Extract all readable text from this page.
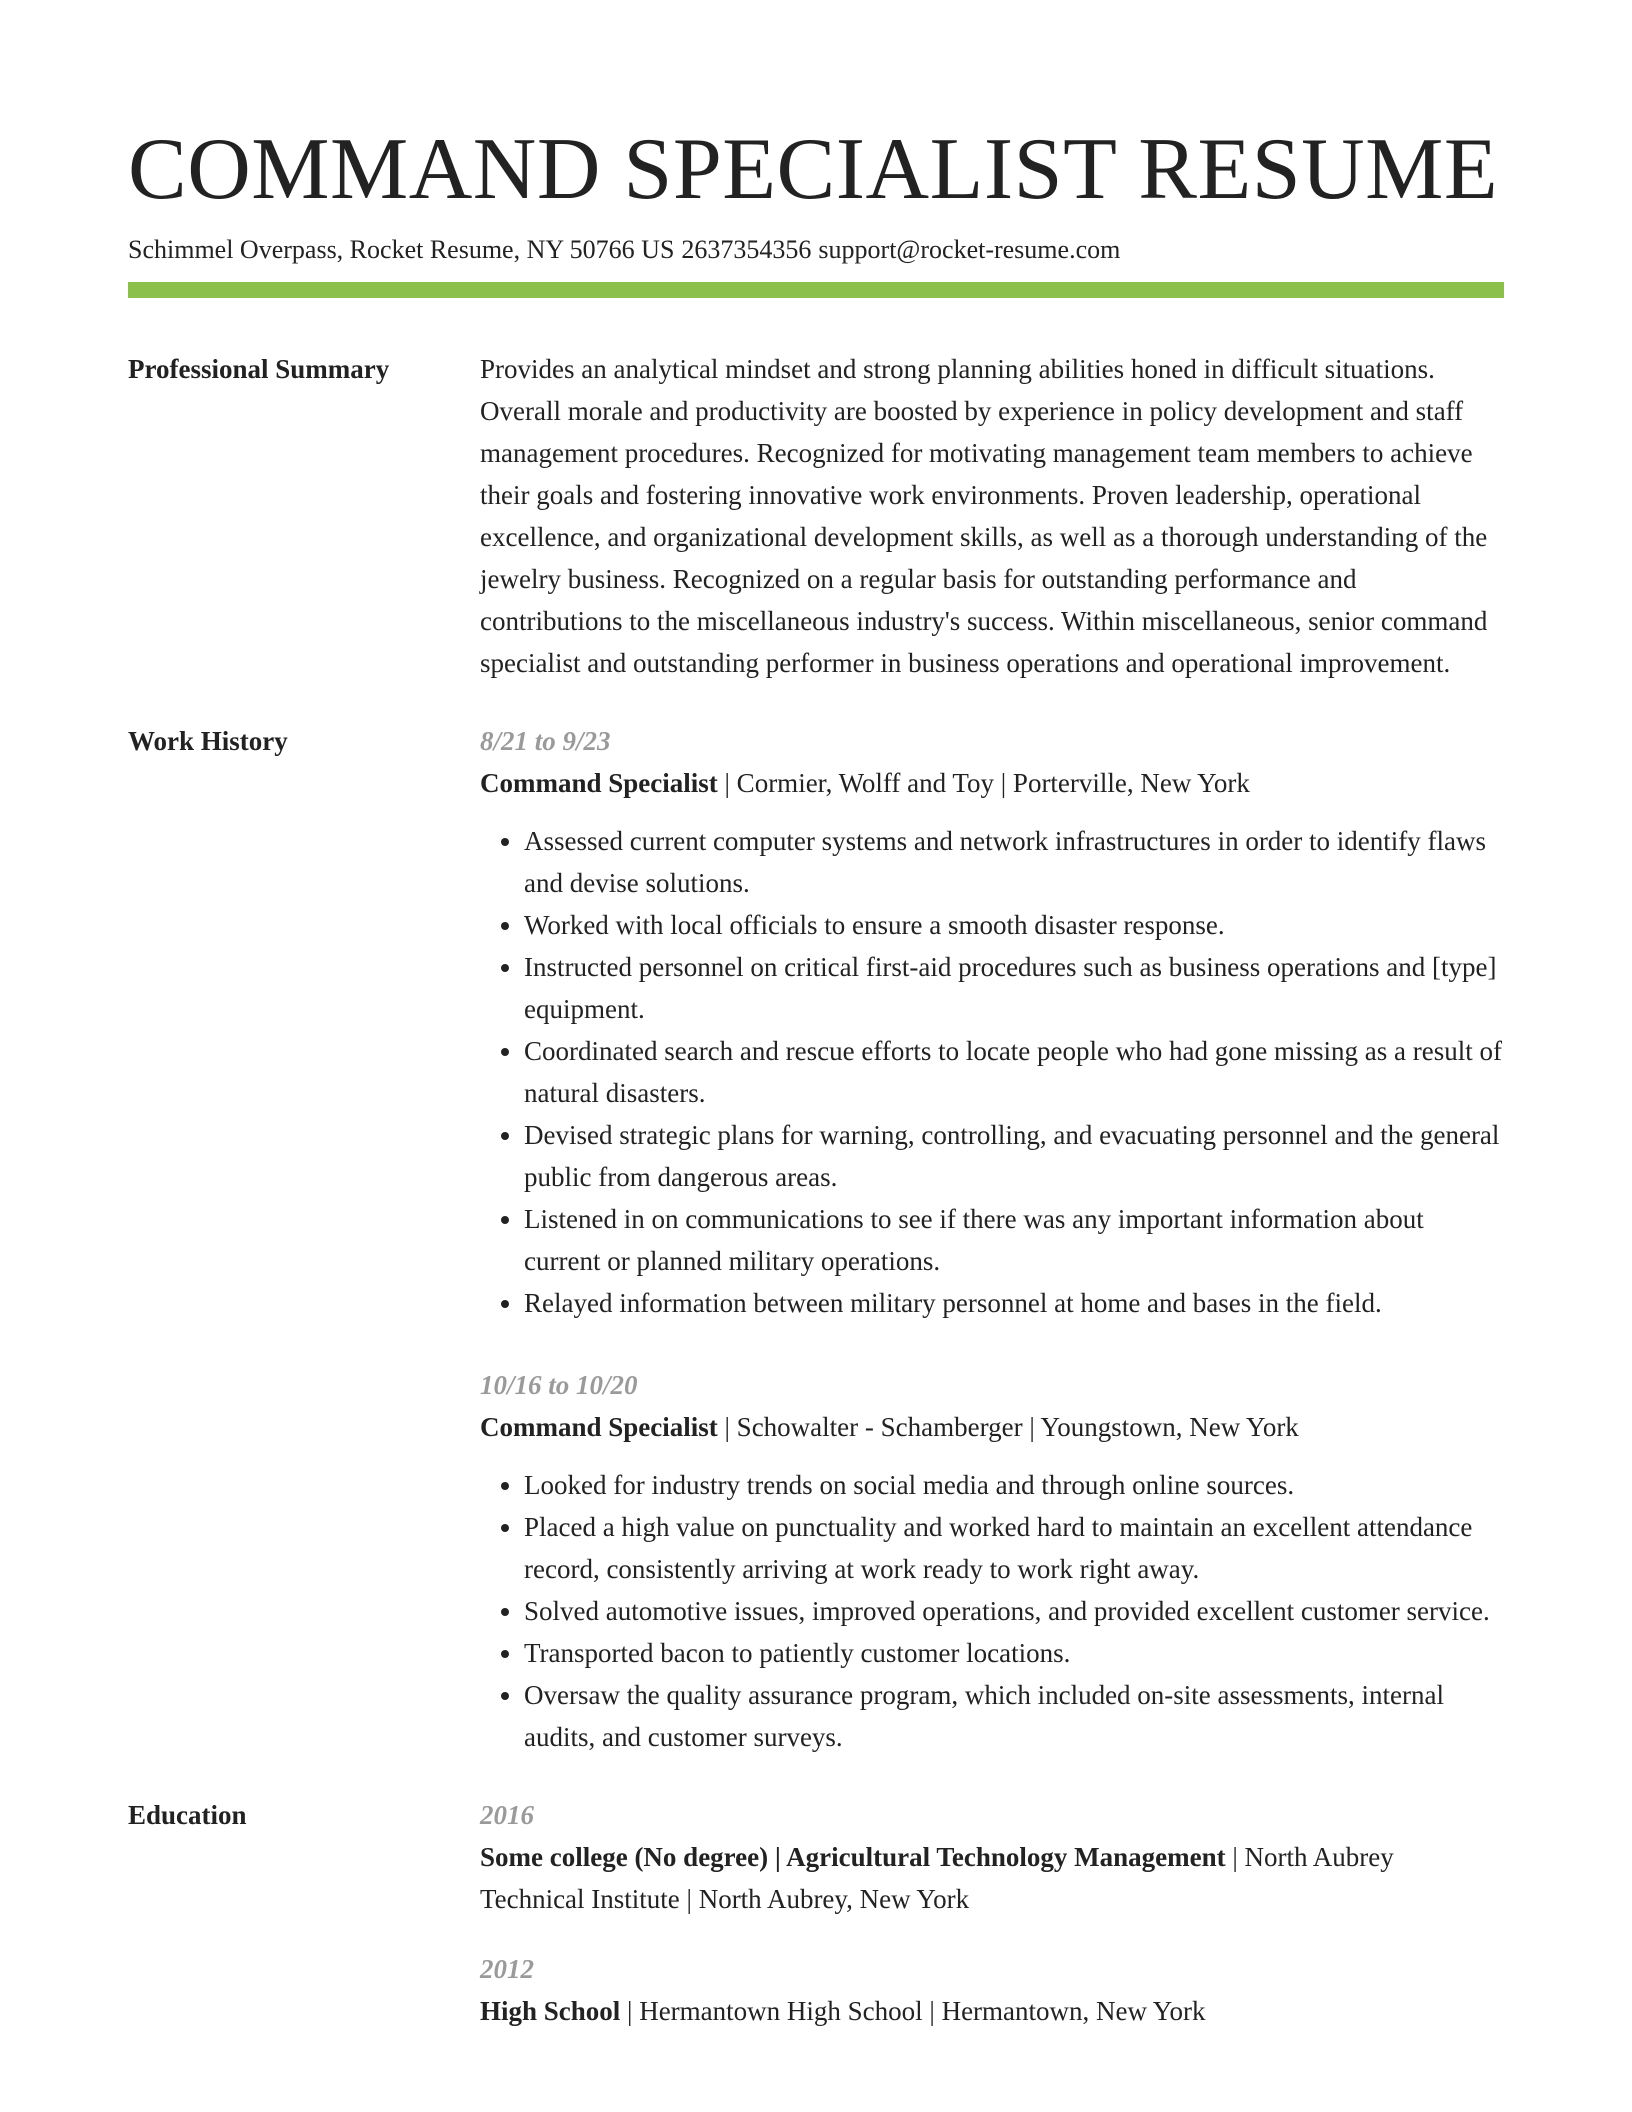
COMMAND SPECIALIST RESUME
Schimmel Overpass, Rocket Resume, NY 50766 US 2637354356 support@rocket-resume.com
Professional Summary	Provides an analytical mindset and strong planning abilities honed in difficult situations. Overall morale and productivity are boosted by experience in policy development and staff management procedures. Recognized for motivating management team members to achieve their goals and fostering innovative work environments. Proven leadership, operational excellence, and organizational development skills, as well as a thorough understanding of the jewelry business. Recognized on a regular basis for outstanding performance and contributions to the miscellaneous industry's success. Within miscellaneous, senior command specialist and outstanding performer in business operations and operational improvement.

Work History	8/21 to 9/23
Command Specialist | Cormier, Wolff and Toy | Porterville, New York
• Assessed current computer systems and network infrastructures in order to identify flaws and devise solutions.
• Worked with local officials to ensure a smooth disaster response.
• Instructed personnel on critical first-aid procedures such as business operations and [type] equipment.
• Coordinated search and rescue efforts to locate people who had gone missing as a result of natural disasters.
• Devised strategic plans for warning, controlling, and evacuating personnel and the general public from dangerous areas.
• Listened in on communications to see if there was any important information about current or planned military operations.
• Relayed information between military personnel at home and bases in the field.
10/16 to 10/20
Command Specialist | Schowalter - Schamberger | Youngstown, New York
• Looked for industry trends on social media and through online sources.
• Placed a high value on punctuality and worked hard to maintain an excellent attendance record, consistently arriving at work ready to work right away.
• Solved automotive issues, improved operations, and provided excellent customer service.
• Transported bacon to patiently customer locations.
• Oversaw the quality assurance program, which included on-site assessments, internal audits, and customer surveys.
Education	2016
Some college (No degree) | Agricultural Technology Management | North Aubrey Technical Institute | North Aubrey, New York
2012
High School | Hermantown High School | Hermantown, New York
